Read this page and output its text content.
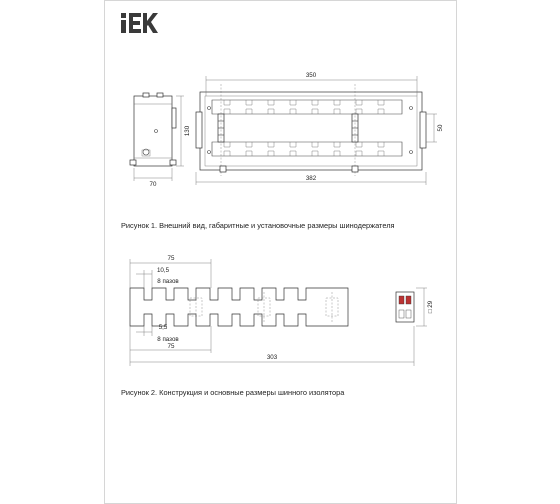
130
70
350
50
382
Рисунок 1. Внешний вид, габаритные и установочные размеры шинодержателя
□ 29
75
10,5
8 пазов
5,5
8 пазов
75
303
Рисунок 2. Конструкция и основные размеры шинного изолятора
